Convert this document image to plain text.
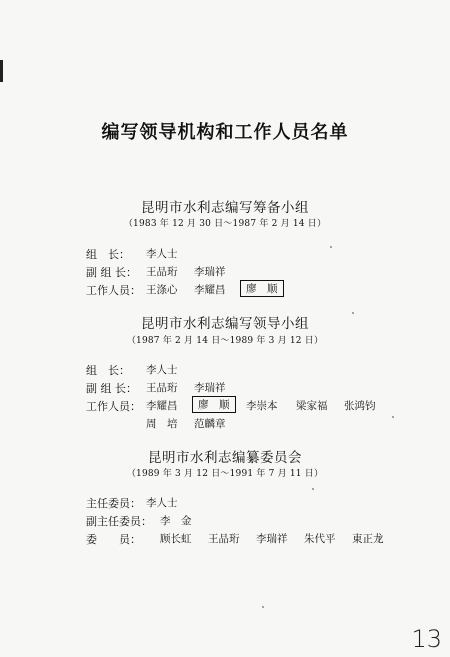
编写领导机构和工作人员名单
昆明市水利志编写筹备小组
（1983 年 12 月 30 日～1987 年 2 月 14 日）
组　长： 李人士
副 组 长： 王品珩 李瑞祥
工作人员： 王涤心 李耀昌	廖　顺
昆明市水利志编写领导小组
（1987 年 2 月 14 日～1989 年 3 月 12 日）
组　长： 李人士
副 组 长： 王品珩 李瑞祥
工作人员： 李耀昌	廖　顺	李崇本 梁家福 张鸿钧
周　培 范麟章
昆明市水利志编纂委员会
（1989 年 3 月 12 日～1991 年 7 月 11 日）
主任委员： 李人士
副主任委员： 李　金
委　　员： 顾长虹 王品珩 李瑞祥 朱代平 東正龙
13
